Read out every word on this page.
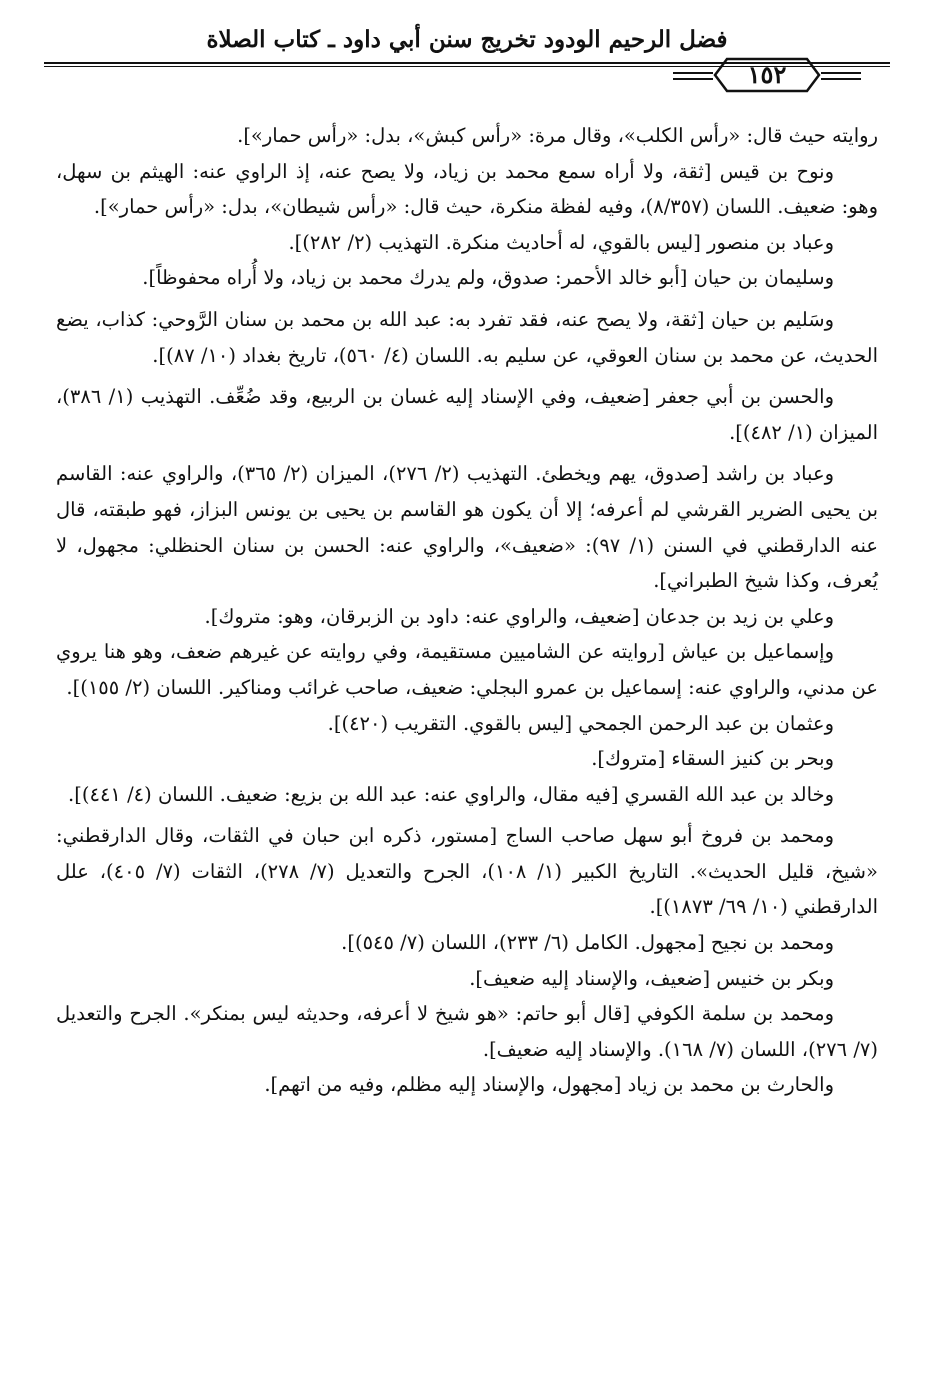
فضل الرحيم الودود تخريج سنن أبي داود ـ كتاب الصلاة
١٥٢

روايته حيث قال: «رأس الكلب»، وقال مرة: «رأس كبش»، بدل: «رأس حمار»].

ونوح بن قيس [ثقة، ولا أراه سمع محمد بن زياد، ولا يصح عنه، إذ الراوي عنه: الهيثم بن سهل، وهو: ضعيف. اللسان (٨/٣٥٧)، وفيه لفظة منكرة، حيث قال: «رأس شيطان»، بدل: «رأس حمار»].

وعباد بن منصور [ليس بالقوي، له أحاديث منكرة. التهذيب (٢/ ٢٨٢)].

وسليمان بن حيان [أبو خالد الأحمر: صدوق، ولم يدرك محمد بن زياد، ولا أُراه محفوظاً].

وسَليم بن حيان [ثقة، ولا يصح عنه، فقد تفرد به: عبد الله بن محمد بن سنان الرَّوحي: كذاب، يضع الحديث، عن محمد بن سنان العوقي، عن سليم به. اللسان (٤/ ٥٦٠)، تاريخ بغداد (١٠/ ٨٧)].

والحسن بن أبي جعفر [ضعيف، وفي الإسناد إليه غسان بن الربيع، وقد ضُعِّف. التهذيب (١/ ٣٨٦)، الميزان (١/ ٤٨٢)].

وعباد بن راشد [صدوق، يهم ويخطئ. التهذيب (٢/ ٢٧٦)، الميزان (٢/ ٣٦٥)، والراوي عنه: القاسم بن يحيى الضرير القرشي لم أعرفه؛ إلا أن يكون هو القاسم بن يحيى بن يونس البزاز، فهو طبقته، قال عنه الدارقطني في السنن (١/ ٩٧): «ضعيف»، والراوي عنه: الحسن بن سنان الحنظلي: مجهول، لا يُعرف، وكذا شيخ الطبراني].

وعلي بن زيد بن جدعان [ضعيف، والراوي عنه: داود بن الزبرقان، وهو: متروك].

وإسماعيل بن عياش [روايته عن الشاميين مستقيمة، وفي روايته عن غيرهم ضعف، وهو هنا يروي عن مدني، والراوي عنه: إسماعيل بن عمرو البجلي: ضعيف، صاحب غرائب ومناكير. اللسان (٢/ ١٥٥)].

وعثمان بن عبد الرحمن الجمحي [ليس بالقوي. التقريب (٤٢٠)].

وبحر بن كنيز السقاء [متروك].

وخالد بن عبد الله القسري [فيه مقال، والراوي عنه: عبد الله بن بزيع: ضعيف. اللسان (٤/ ٤٤١)].

ومحمد بن فروخ أبو سهل صاحب الساج [مستور، ذكره ابن حبان في الثقات، وقال الدارقطني: «شيخ، قليل الحديث». التاريخ الكبير (١/ ١٠٨)، الجرح والتعديل (٧/ ٢٧٨)، الثقات (٧/ ٤٠٥)، علل الدارقطني (١٠/ ٦٩/ ١٨٧٣)].

ومحمد بن نجيح [مجهول. الكامل (٦/ ٢٣٣)، اللسان (٧/ ٥٤٥)].

وبكر بن خنيس [ضعيف، والإسناد إليه ضعيف].

ومحمد بن سلمة الكوفي [قال أبو حاتم: «هو شيخ لا أعرفه، وحديثه ليس بمنكر». الجرح والتعديل (٧/ ٢٧٦)، اللسان (٧/ ١٦٨). والإسناد إليه ضعيف].

والحارث بن محمد بن زياد [مجهول، والإسناد إليه مظلم، وفيه من اتهم].
